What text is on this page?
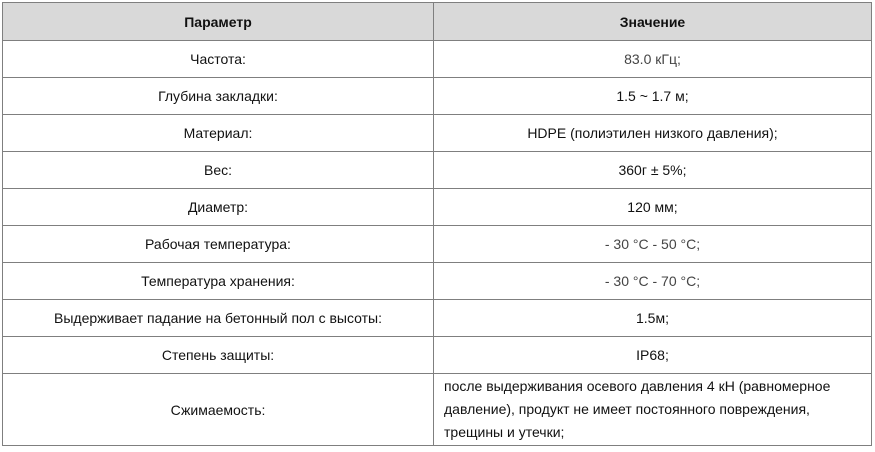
Параметр	Значение
Частота:	83.0 кГц;
Глубина закладки:	1.5 ~ 1.7 м;
Материал:	HDPE (полиэтилен низкого давления);
Вес:	360г ± 5%;
Диаметр:	120 мм;
Рабочая температура:	- 30 °C - 50 °C;
Температура хранения:	- 30 °C - 70 °C;
Выдерживает падание на бетонный пол с высоты:	1.5м;
Степень защиты:	IP68;
Сжимаемость:	после выдерживания осевого давления 4 кН (равномерное давление), продукт не имеет постоянного повреждения, трещины и утечки;
